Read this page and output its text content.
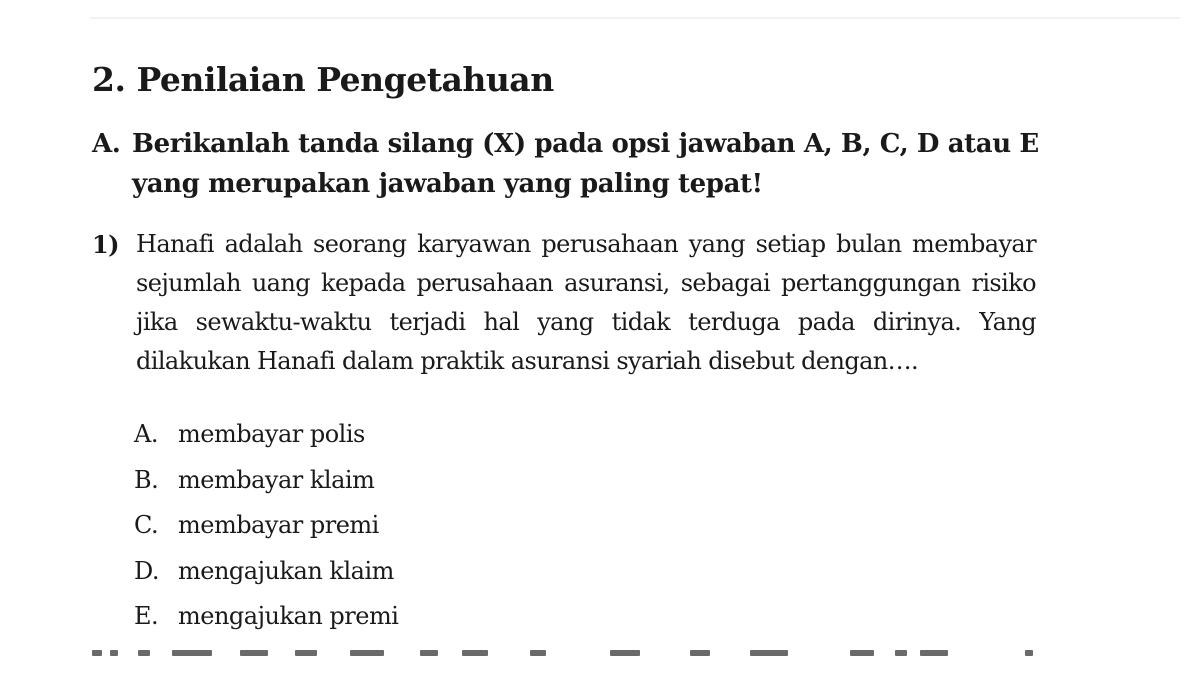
2. Penilaian Pengetahuan
A. Berikanlah tanda silang (X) pada opsi jawaban A, B, C, D atau E
yang merupakan jawaban yang paling tepat!
1) Hanafi adalah seorang karyawan perusahaan yang setiap bulan membayar
sejumlah uang kepada perusahaan asuransi, sebagai pertanggungan risiko
jika sewaktu-waktu terjadi hal yang tidak terduga pada dirinya. Yang
dilakukan Hanafi dalam praktik asuransi syariah disebut dengan….
A. membayar polis
B. membayar klaim
C. membayar premi
D. mengajukan klaim
E. mengajukan premi
